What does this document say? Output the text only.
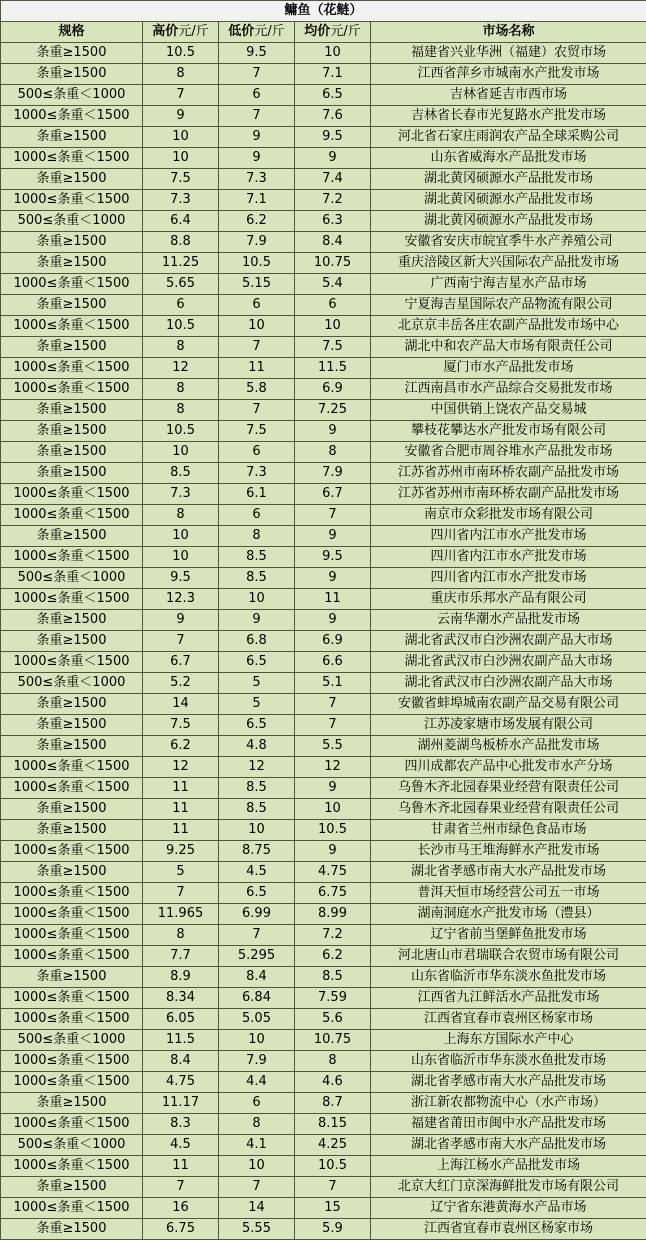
鳙鱼（花鲢）				
规格	高价元/斤	低价元/斤	均价元/斤	市场名称
条重≥1500	10.5	9.5	10	福建省兴业华洲（福建）农贸市场
条重≥1500	8	7	7.1	江西省萍乡市城南水产批发市场
500≤条重＜1000	7	6	6.5	吉林省延吉市西市场
1000≤条重＜1500	9	7	7.6	吉林省长春市光复路水产批发市场
条重≥1500	10	9	9.5	河北省石家庄雨润农产品全球采购公司
1000≤条重＜1500	10	9	9	山东省威海水产品批发市场
条重≥1500	7.5	7.3	7.4	湖北黄冈硕源水产品批发市场
1000≤条重＜1500	7.3	7.1	7.2	湖北黄冈硕源水产品批发市场
500≤条重＜1000	6.4	6.2	6.3	湖北黄冈硕源水产品批发市场
条重≥1500	8.8	7.9	8.4	安徽省安庆市皖宜季牛水产养殖公司
条重≥1500	11.25	10.5	10.75	重庆涪陵区新大兴国际农产品批发市场
1000≤条重＜1500	5.65	5.15	5.4	广西南宁海吉星水产品市场
条重≥1500	6	6	6	宁夏海吉星国际农产品物流有限公司
1000≤条重＜1500	10.5	10	10	北京京丰岳各庄农副产品批发市场中心
条重≥1500	8	7	7.5	湖北中和农产品大市场有限责任公司
1000≤条重＜1500	12	11	11.5	厦门市水产品批发市场
1000≤条重＜1500	8	5.8	6.9	江西南昌市水产品综合交易批发市场
条重≥1500	8	7	7.25	中国供销上饶农产品交易城
条重≥1500	10.5	7.5	9	攀枝花攀达水产批发市场有限公司
条重≥1500	10	6	8	安徽省合肥市周谷堆水产品批发市场
条重≥1500	8.5	7.3	7.9	江苏省苏州市南环桥农副产品批发市场
1000≤条重＜1500	7.3	6.1	6.7	江苏省苏州市南环桥农副产品批发市场
1000≤条重＜1500	8	6	7	南京市众彩批发市场有限公司
条重≥1500	10	8	9	四川省内江市水产批发市场
1000≤条重＜1500	10	8.5	9.5	四川省内江市水产批发市场
500≤条重＜1000	9.5	8.5	9	四川省内江市水产批发市场
1000≤条重＜1500	12.3	10	11	重庆市乐邦水产品有限公司
条重≥1500	9	9	9	云南华潮水产品批发市场
条重≥1500	7	6.8	6.9	湖北省武汉市白沙洲农副产品大市场
1000≤条重＜1500	6.7	6.5	6.6	湖北省武汉市白沙洲农副产品大市场
500≤条重＜1000	5.2	5	5.1	湖北省武汉市白沙洲农副产品大市场
条重≥1500	14	5	7	安徽省蚌埠城南农副产品交易有限公司
条重≥1500	7.5	6.5	7	江苏凌家塘市场发展有限公司
条重≥1500	6.2	4.8	5.5	湖州菱湖鸟板桥水产品批发市场
1000≤条重＜1500	12	12	12	四川成都农产品中心批发市水产分场
1000≤条重＜1500	11	8.5	9	乌鲁木齐北园春果业经营有限责任公司
条重≥1500	11	8.5	10	乌鲁木齐北园春果业经营有限责任公司
条重≥1500	11	10	10.5	甘肃省兰州市绿色食品市场
1000≤条重＜1500	9.25	8.75	9	长沙市马王堆海鲜水产批发市场
条重≥1500	5	4.5	4.75	湖北省孝感市南大水产品批发市场
1000≤条重＜1500	7	6.5	6.75	普洱天恒市场经营公司五一市场
1000≤条重＜1500	11.965	6.99	8.99	湖南洞庭水产批发市场（澧县）
1000≤条重＜1500	8	7	7.2	辽宁省前当堡鲜鱼批发市场
1000≤条重＜1500	7.7	5.295	6.2	河北唐山市君瑞联合农贸市场有限公司
条重≥1500	8.9	8.4	8.5	山东省临沂市华东淡水鱼批发市场
1000≤条重＜1500	8.34	6.84	7.59	江西省九江鲜活水产品批发市场
1000≤条重＜1500	6.05	5.05	5.6	江西省宜春市袁州区杨家市场
500≤条重＜1000	11.5	10	10.75	上海东方国际水产中心
1000≤条重＜1500	8.4	7.9	8	山东省临沂市华东淡水鱼批发市场
1000≤条重＜1500	4.75	4.4	4.6	湖北省孝感市南大水产品批发市场
条重≥1500	11.17	6	8.7	浙江新农都物流中心（水产市场）
1000≤条重＜1500	8.3	8	8.15	福建省莆田市闽中水产品批发市场
500≤条重＜1000	4.5	4.1	4.25	湖北省孝感市南大水产品批发市场
1000≤条重＜1500	11	10	10.5	上海江杨水产品批发市场
条重≥1500	7	7	7	北京大红门京深海鲜批发市场有限公司
1000≤条重＜1500	16	14	15	辽宁省东港黄海水产品市场
条重≥1500	6.75	5.55	5.9	江西省宜春市袁州区杨家市场
